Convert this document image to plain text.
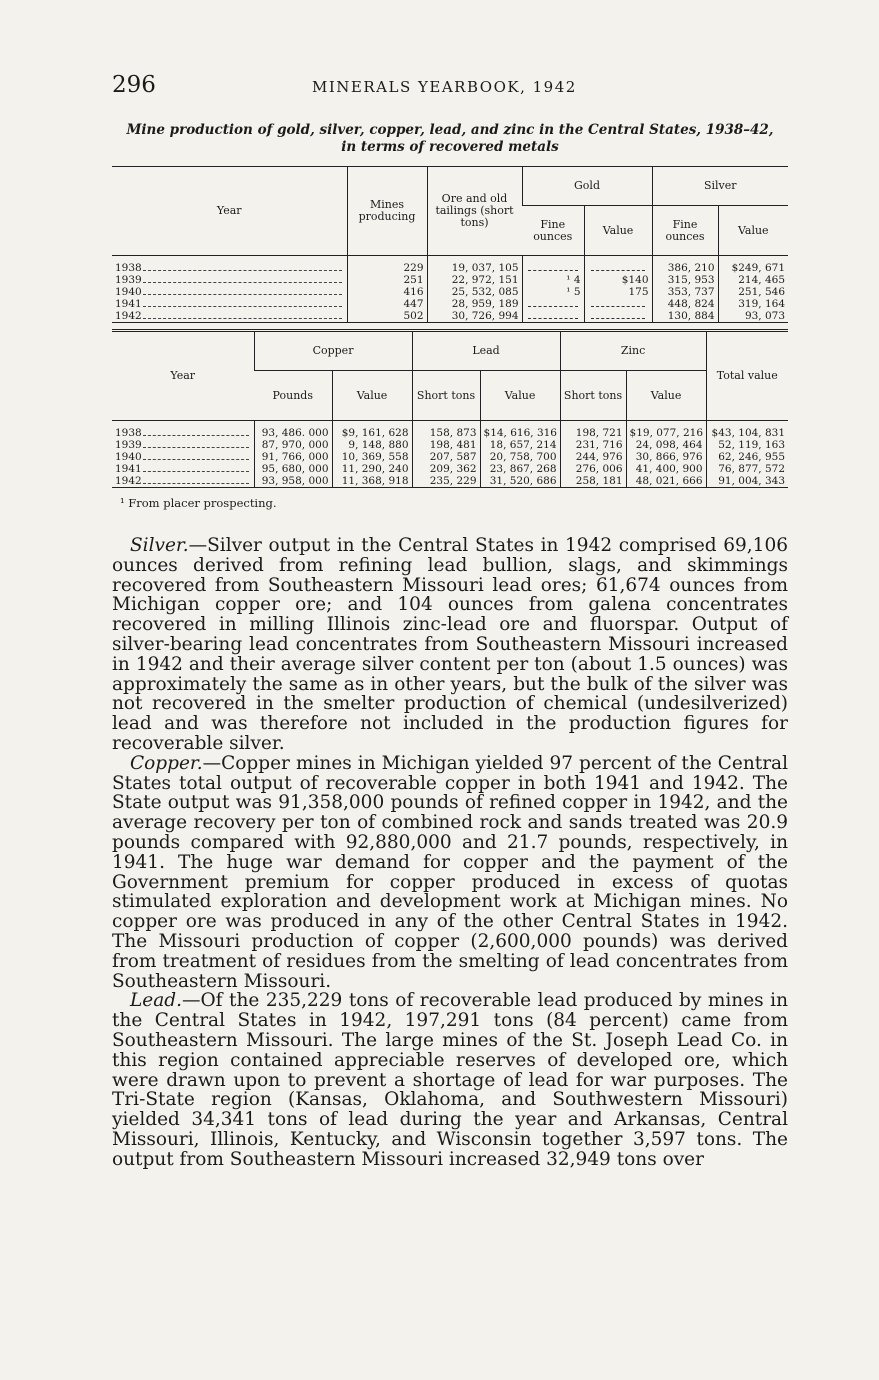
296	MINERALS YEARBOOK, 1942
Mine production of gold, silver, copper, lead, and zinc in the Central States, 1938–42,
in terms of recovered metals
Year	Mines producing	Ore and old tailings (short tons)	Gold		Silver	
			Fine ounces	Value	Fine ounces	Value

1938	229	19, 037, 105			386, 210	$249, 671

1939	251	22, 972, 151	¹ 4	$140	315, 953	214, 465

1940	416	25, 532, 085	¹ 5	175	353, 737	251, 546

1941	447	28, 959, 189			448, 824	319, 164

1942	502	30, 726, 994			130, 884	93, 073
Year	Copper		Lead		Zinc		Total value
	Pounds	Value	Short tons	Value	Short tons	Value	

1938	93, 486. 000	$9, 161, 628	158, 873	$14, 616, 316	198, 721	$19, 077, 216	$43, 104, 831

1939	87, 970, 000	9, 148, 880	198, 481	18, 657, 214	231, 716	24, 098, 464	52, 119, 163

1940	91, 766, 000	10, 369, 558	207, 587	20, 758, 700	244, 976	30, 866, 976	62, 246, 955

1941	95, 680, 000	11, 290, 240	209, 362	23, 867, 268	276, 006	41, 400, 900	76, 877, 572

1942	93, 958, 000	11, 368, 918	235, 229	31, 520, 686	258, 181	48, 021, 666	91, 004, 343
¹ From placer prospecting.

Silver.—Silver output in the Central States in 1942 comprised 69,106 ounces derived from refining lead bullion, slags, and skimmings recovered from Southeastern Missouri lead ores; 61,674 ounces from Michigan copper ore; and 104 ounces from galena concentrates recovered in milling Illinois zinc-lead ore and fluorspar. Output of silver-bearing lead concentrates from Southeastern Missouri increased in 1942 and their average silver content per ton (about 1.5 ounces) was approximately the same as in other years, but the bulk of the silver was not recovered in the smelter production of chemical (undesilverized) lead and was therefore not included in the production figures for recoverable silver.

Copper.—Copper mines in Michigan yielded 97 percent of the Central States total output of recoverable copper in both 1941 and 1942. The State output was 91,358,000 pounds of refined copper in 1942, and the average recovery per ton of combined rock and sands treated was 20.9 pounds compared with 92,880,000 and 21.7 pounds, respectively, in 1941. The huge war demand for copper and the payment of the Government premium for copper produced in excess of quotas stimulated exploration and development work at Michigan mines. No copper ore was produced in any of the other Central States in 1942. The Missouri production of copper (2,600,000 pounds) was derived from treatment of residues from the smelting of lead concentrates from Southeastern Missouri.

Lead.—Of the 235,229 tons of recoverable lead produced by mines in the Central States in 1942, 197,291 tons (84 percent) came from Southeastern Missouri. The large mines of the St. Joseph Lead Co. in this region contained appreciable reserves of developed ore, which were drawn upon to prevent a shortage of lead for war purposes. The Tri-State region (Kansas, Oklahoma, and Southwestern Missouri) yielded 34,341 tons of lead during the year and Arkansas, Central Missouri, Illinois, Kentucky, and Wisconsin together 3,597 tons. The output from Southeastern Missouri increased 32,949 tons over
